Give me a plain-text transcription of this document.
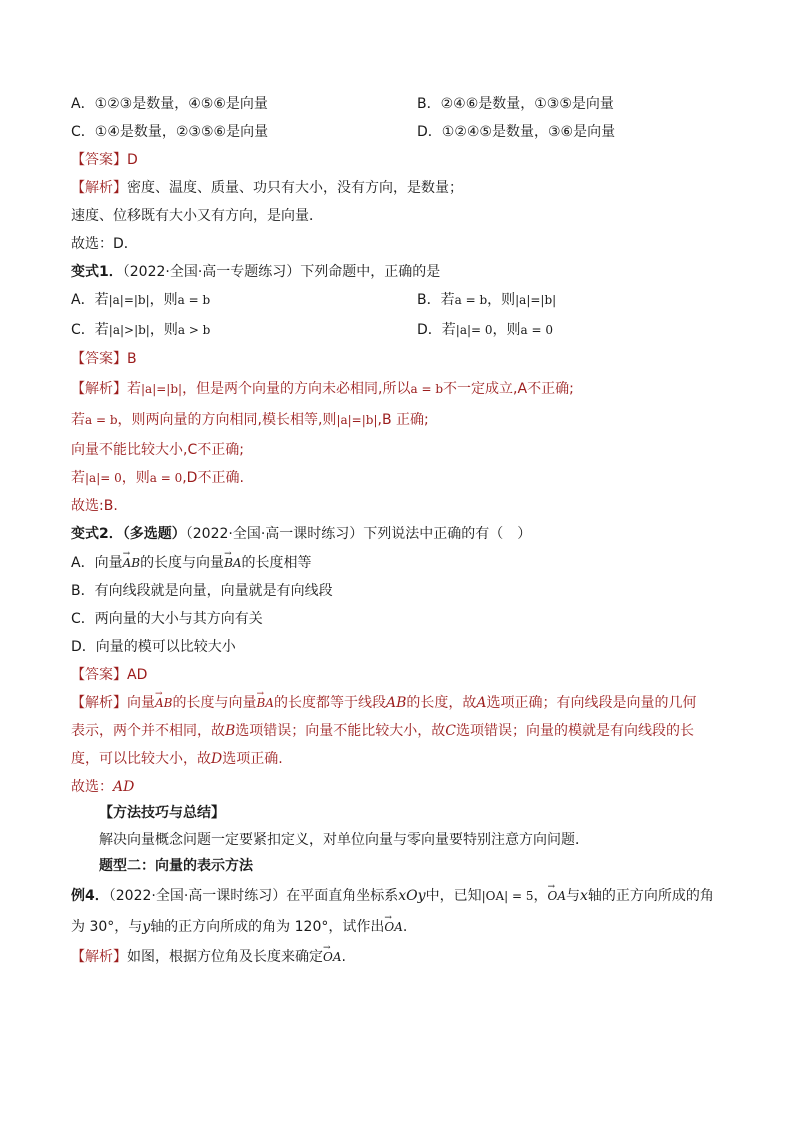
A．①②③是数量，④⑤⑥是向量	B．②④⑥是数量，①③⑤是向量
C．①④是数量，②③⑤⑥是向量	D．①②④⑤是数量，③⑥是向量
【答案】D
【解析】密度、温度、质量、功只有大小，没有方向，是数量；
速度、位移既有大小又有方向，是向量．
故选：D．
变式1．（2022·全国·高一专题练习）下列命题中，正确的是
A．若|a|=|b|，则a = b	B．若a = b，则|a|=|b|
C．若|a|>|b|，则a > b	D．若|a|= 0，则a = 0
【答案】B
【解析】若|a|=|b|，但是两个向量的方向未必相同,所以a = b不一定成立,A不正确;
若a = b，则两向量的方向相同,模长相等,则|a|=|b|,B 正确;
向量不能比较大小,C不正确;
若|a|= 0，则a = 0,D不正确.
故选:B.
变式2．（多选题）（2022·全国·高一课时练习）下列说法中正确的有（　）
A．向量→ AB的长度与向量→ BA的长度相等
B．有向线段就是向量，向量就是有向线段
C．两向量的大小与其方向有关
D．向量的模可以比较大小
【答案】AD
【解析】向量→ AB的长度与向量→ BA的长度都等于线段AB的长度，故A选项正确；有向线段是向量的几何
表示，两个并不相同，故B选项错误；向量不能比较大小，故C选项错误；向量的模就是有向线段的长
度，可以比较大小，故D选项正确.
故选：AD
【方法技巧与总结】
解决向量概念问题一定要紧扣定义，对单位向量与零向量要特别注意方向问题．
题型二：向量的表示方法
例4．（2022·全国·高一课时练习）在平面直角坐标系xOy中，已知|OA| = 5，→ OA与x轴的正方向所成的角
为 30°，与y轴的正方向所成的角为 120°，试作出→ OA.
【解析】如图，根据方位角及长度来确定→ OA.
